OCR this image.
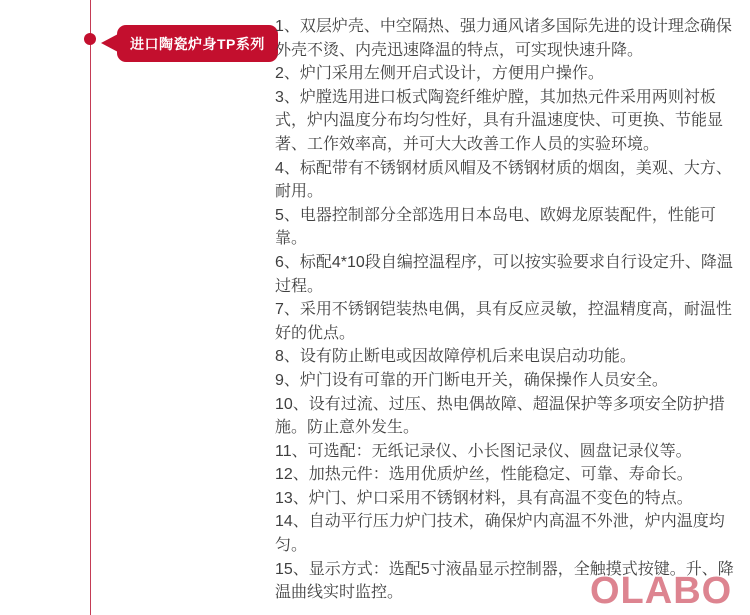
进口陶瓷炉身TP系列

1、双层炉壳、中空隔热、强力通风诸多国际先进的设计理念确保外壳不烫、内壳迅速降温的特点，可实现快速升降。

2、炉门采用左侧开启式设计，方便用户操作。

3、炉膛选用进口板式陶瓷纤维炉膛，其加热元件采用两则衬板式，炉内温度分布均匀性好，具有升温速度快、可更换、节能显著、工作效率高，并可大大改善工作人员的实验环境。

4、标配带有不锈钢材质风帽及不锈钢材质的烟囱，美观、大方、耐用。

5、电器控制部分全部选用日本岛电、欧姆龙原装配件，性能可靠。

6、标配4*10段自编控温程序，可以按实验要求自行设定升、降温过程。

7、采用不锈钢铠装热电偶，具有反应灵敏，控温精度高，耐温性好的优点。

8、设有防止断电或因故障停机后来电误启动功能。

9、炉门设有可靠的开门断电开关，确保操作人员安全。

10、设有过流、过压、热电偶故障、超温保护等多项安全防护措施。防止意外发生。

11、可选配：无纸记录仪、小长图记录仪、圆盘记录仪等。

12、加热元件：选用优质炉丝，性能稳定、可靠、寿命长。

13、炉门、炉口采用不锈钢材料，具有高温不变色的特点。

14、自动平行压力炉门技术，确保炉内高温不外泄，炉内温度均匀。

15、显示方式：选配5寸液晶显示控制器，全触摸式按键。升、降温曲线实时监控。	OLABO
